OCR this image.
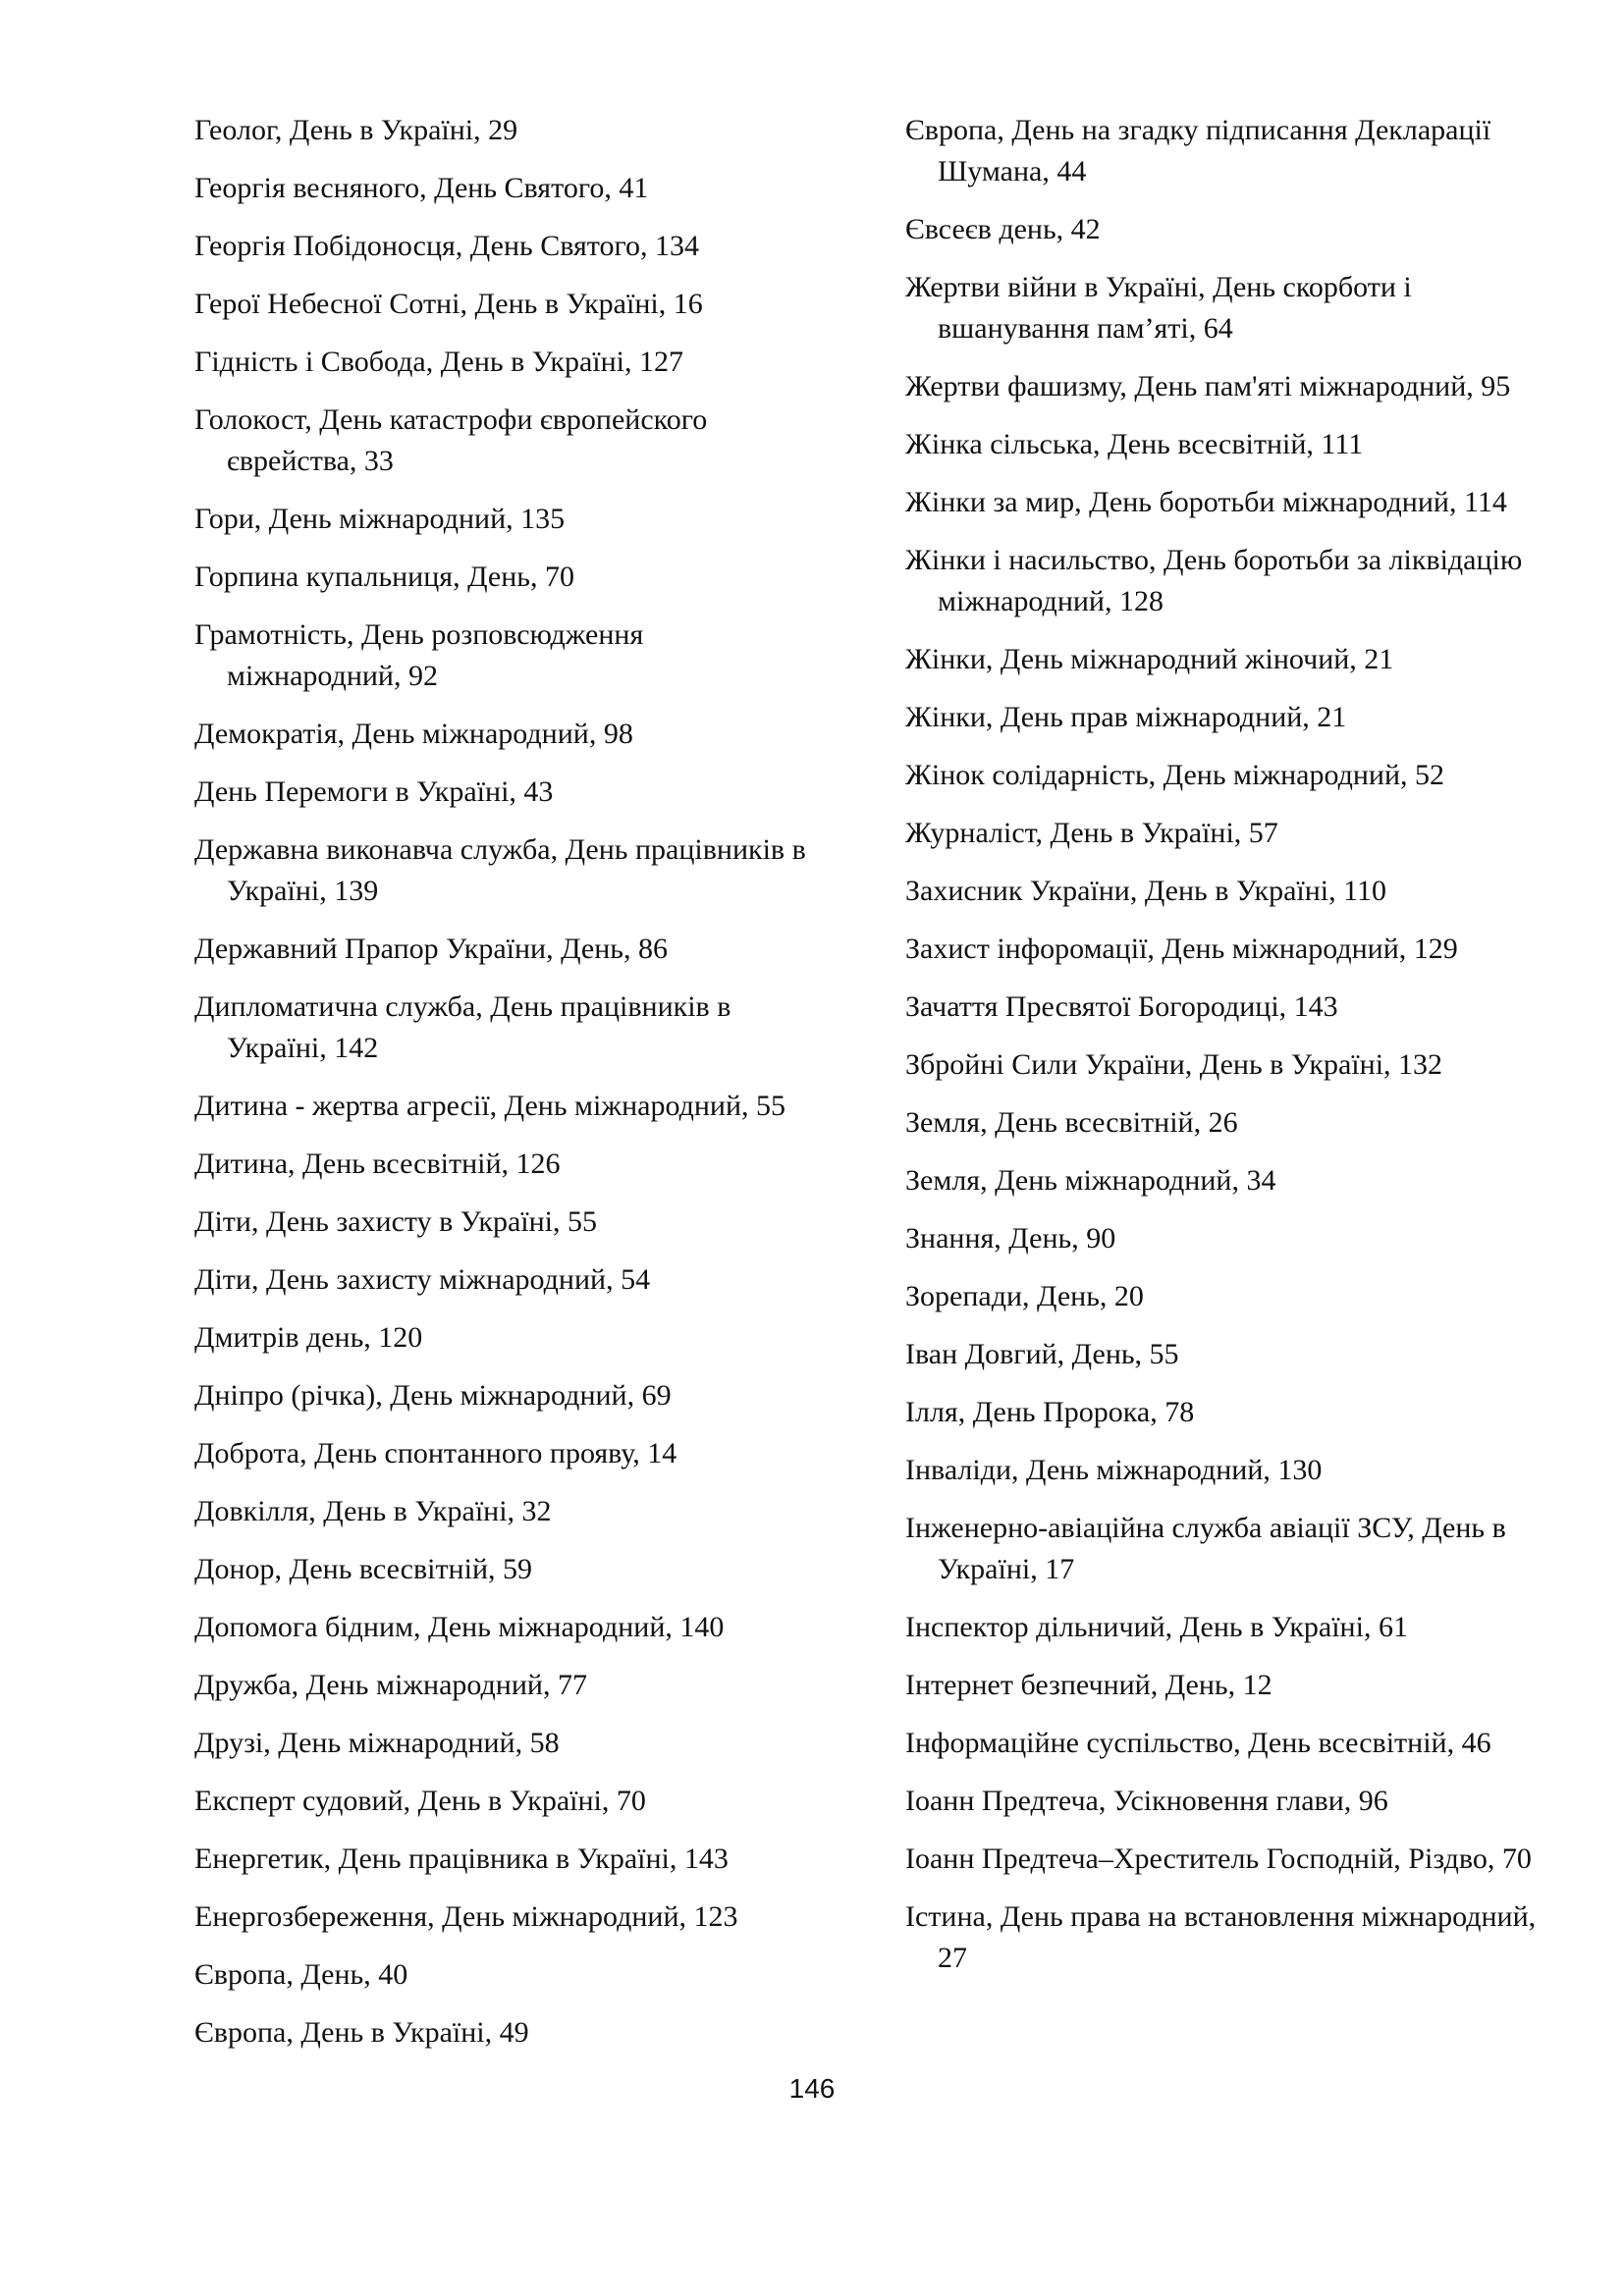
Геолог, День в Україні, 29
Георгія весняного, День Святого, 41
Георгія Побідоносця, День Святого, 134
Герої Небесної Сотні, День в Україні, 16
Гідність і Свобода, День в Україні, 127
Голокост, День катастрофи європейского єврейства, 33
Гори, День міжнародний, 135
Горпина купальниця, День, 70
Грамотність, День розповсюдження міжнародний, 92
Демократія, День міжнародний, 98
День Перемоги в Україні, 43
Державна виконавча служба, День працівників в Україні, 139
Державний Прапор України, День, 86
Дипломатична служба, День працівників в Україні, 142
Дитина - жертва агресії, День міжнародний, 55
Дитина, День всесвітній, 126
Діти, День захисту в Україні, 55
Діти, День захисту міжнародний, 54
Дмитрів день, 120
Дніпро (річка), День міжнародний, 69
Доброта, День спонтанного прояву, 14
Довкілля, День в Україні, 32
Донор, День всесвітній, 59
Допомога бідним, День міжнародний, 140
Дружба, День міжнародний, 77
Друзі, День міжнародний, 58
Експерт судовий, День в Україні, 70
Енергетик, День працівника в Україні, 143
Енергозбереження, День міжнародний, 123
Європа, День, 40
Європа, День в Україні, 49
Європа, День на згадку підписання Декларації Шумана, 44
Євсеєв день, 42
Жертви війни в Україні, День скорботи і вшанування пам’яті, 64
Жертви фашизму, День пам'яті міжнародний, 95
Жінка сільська, День всесвітній, 111
Жінки за мир, День боротьби міжнародний, 114
Жінки і насильство, День боротьби за ліквідацію міжнародний, 128
Жінки, День міжнародний жіночий, 21
Жінки, День прав міжнародний, 21
Жінок солідарність, День міжнародний, 52
Журналіст, День в Україні, 57
Захисник України, День в Україні, 110
Захист інфоромації, День міжнародний, 129
Зачаття Пресвятої Богородиці, 143
Збройні Сили України, День в Україні, 132
Земля, День всесвітній, 26
Земля, День міжнародний, 34
Знання, День, 90
Зорепади, День, 20
Іван Довгий, День, 55
Ілля, День Пророка, 78
Інваліди, День міжнародний, 130
Інженерно-авіаційна служба авіації ЗСУ, День в Україні, 17
Інспектор дільничий, День в Україні, 61
Інтернет безпечний, День, 12
Інформаційне суспільство, День всесвітній, 46
Іоанн Предтеча, Усікновення глави, 96
Іоанн Предтеча–Хреститель Господній, Різдво, 70
Істина, День права на встановлення міжнародний, 27
146
